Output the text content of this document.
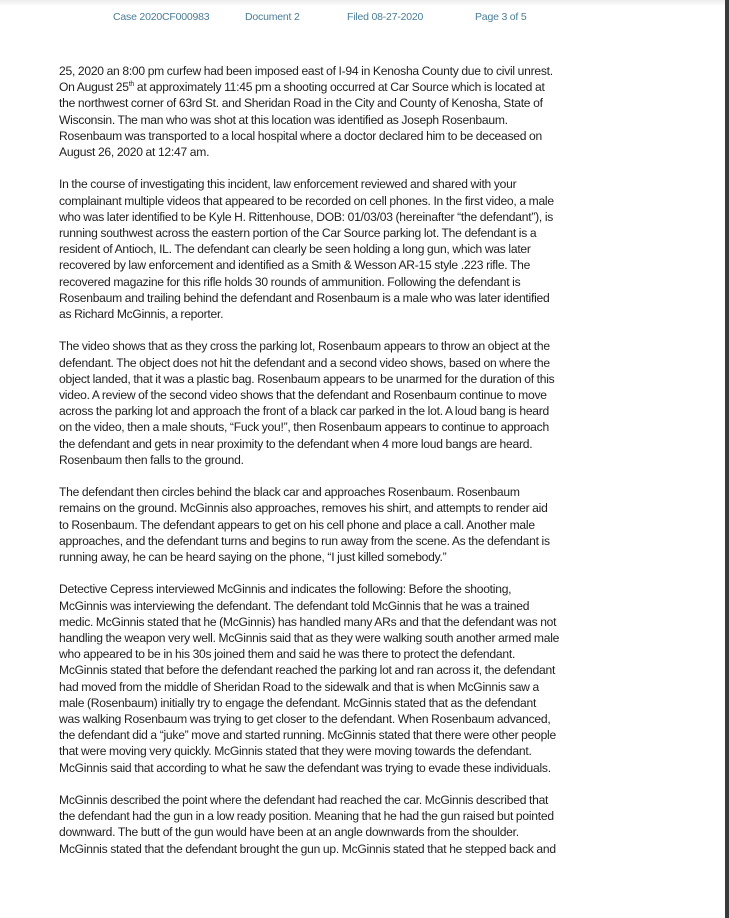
Case 2020CF000983	Document 2	Filed 08-27-2020	Page 3 of 5

25, 2020 an 8:00 pm curfew had been imposed east of I-94 in Kenosha County due to civil unrest.
On August 25th at approximately 11:45 pm a shooting occurred at Car Source which is located at
the northwest corner of 63rd St. and Sheridan Road in the City and County of Kenosha, State of
Wisconsin. The man who was shot at this location was identified as Joseph Rosenbaum.
Rosenbaum was transported to a local hospital where a doctor declared him to be deceased on
August 26, 2020 at 12:47 am.

In the course of investigating this incident, law enforcement reviewed and shared with your
complainant multiple videos that appeared to be recorded on cell phones. In the first video, a male
who was later identified to be Kyle H. Rittenhouse, DOB: 01/03/03 (hereinafter “the defendant”), is
running southwest across the eastern portion of the Car Source parking lot. The defendant is a
resident of Antioch, IL. The defendant can clearly be seen holding a long gun, which was later
recovered by law enforcement and identified as a Smith & Wesson AR-15 style .223 rifle. The
recovered magazine for this rifle holds 30 rounds of ammunition. Following the defendant is
Rosenbaum and trailing behind the defendant and Rosenbaum is a male who was later identified
as Richard McGinnis, a reporter.

The video shows that as they cross the parking lot, Rosenbaum appears to throw an object at the
defendant. The object does not hit the defendant and a second video shows, based on where the
object landed, that it was a plastic bag. Rosenbaum appears to be unarmed for the duration of this
video. A review of the second video shows that the defendant and Rosenbaum continue to move
across the parking lot and approach the front of a black car parked in the lot. A loud bang is heard
on the video, then a male shouts, “Fuck you!”, then Rosenbaum appears to continue to approach
the defendant and gets in near proximity to the defendant when 4 more loud bangs are heard.
Rosenbaum then falls to the ground.

The defendant then circles behind the black car and approaches Rosenbaum. Rosenbaum
remains on the ground. McGinnis also approaches, removes his shirt, and attempts to render aid
to Rosenbaum. The defendant appears to get on his cell phone and place a call. Another male
approaches, and the defendant turns and begins to run away from the scene. As the defendant is
running away, he can be heard saying on the phone, “I just killed somebody.”

Detective Cepress interviewed McGinnis and indicates the following: Before the shooting,
McGinnis was interviewing the defendant. The defendant told McGinnis that he was a trained
medic. McGinnis stated that he (McGinnis) has handled many ARs and that the defendant was not
handling the weapon very well. McGinnis said that as they were walking south another armed male
who appeared to be in his 30s joined them and said he was there to protect the defendant.
McGinnis stated that before the defendant reached the parking lot and ran across it, the defendant
had moved from the middle of Sheridan Road to the sidewalk and that is when McGinnis saw a
male (Rosenbaum) initially try to engage the defendant. McGinnis stated that as the defendant
was walking Rosenbaum was trying to get closer to the defendant. When Rosenbaum advanced,
the defendant did a “juke” move and started running. McGinnis stated that there were other people
that were moving very quickly. McGinnis stated that they were moving towards the defendant.
McGinnis said that according to what he saw the defendant was trying to evade these individuals.

McGinnis described the point where the defendant had reached the car. McGinnis described that
the defendant had the gun in a low ready position. Meaning that he had the gun raised but pointed
downward. The butt of the gun would have been at an angle downwards from the shoulder.
McGinnis stated that the defendant brought the gun up. McGinnis stated that he stepped back and
